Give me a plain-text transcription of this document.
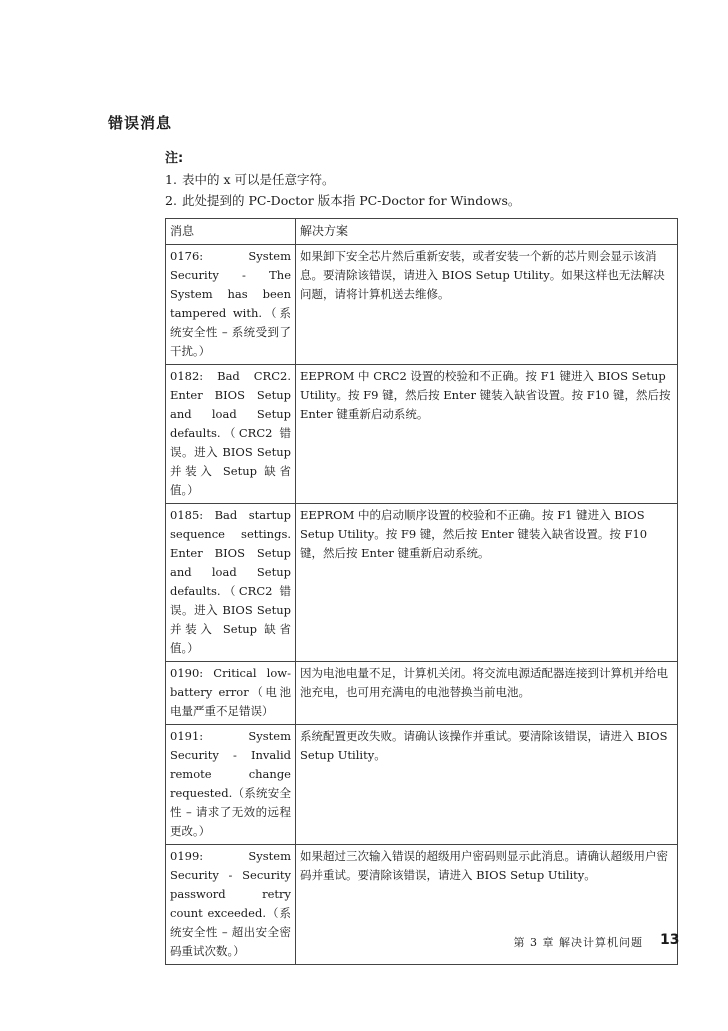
错误消息
注:
1. 表中的 x 可以是任意字符。
2. 此处提到的 PC-Doctor 版本指 PC-Doctor for Windows。
消息	解决方案
0176: System Security - The System has been tampered with.（系统安全性 – 系统受到了干扰。）	如果卸下安全芯片然后重新安装，或者安装一个新的芯片则会显示该消息。要清除该错误，请进入 BIOS Setup Utility。如果这样也无法解决问题，请将计算机送去维修。
0182: Bad CRC2. Enter BIOS Setup and load Setup defaults.（CRC2 错误。进入 BIOS Setup 并装入 Setup 缺省值。）	EEPROM 中 CRC2 设置的校验和不正确。按 F1 键进入 BIOS Setup Utility。按 F9 键，然后按 Enter 键装入缺省设置。按 F10 键，然后按 Enter 键重新启动系统。
0185: Bad startup sequence settings. Enter BIOS Setup and load Setup defaults.（CRC2 错误。进入 BIOS Setup 并装入 Setup 缺省值。）	EEPROM 中的启动顺序设置的校验和不正确。按 F1 键进入 BIOS Setup Utility。按 F9 键，然后按 Enter 键装入缺省设置。按 F10 键，然后按 Enter 键重新启动系统。
0190: Critical low-battery error（电池电量严重不足错误）	因为电池电量不足，计算机关闭。将交流电源适配器连接到计算机并给电池充电，也可用充满电的电池替换当前电池。
0191: System Security - Invalid remote change requested.（系统安全性 – 请求了无效的远程更改。）	系统配置更改失败。请确认该操作并重试。要清除该错误，请进入 BIOS Setup Utility。
0199: System Security - Security password retry count exceeded.（系统安全性 – 超出安全密码重试次数。）	如果超过三次输入错误的超级用户密码则显示此消息。请确认超级用户密码并重试。要清除该错误，请进入 BIOS Setup Utility。
第 3 章 解决计算机问题 13
